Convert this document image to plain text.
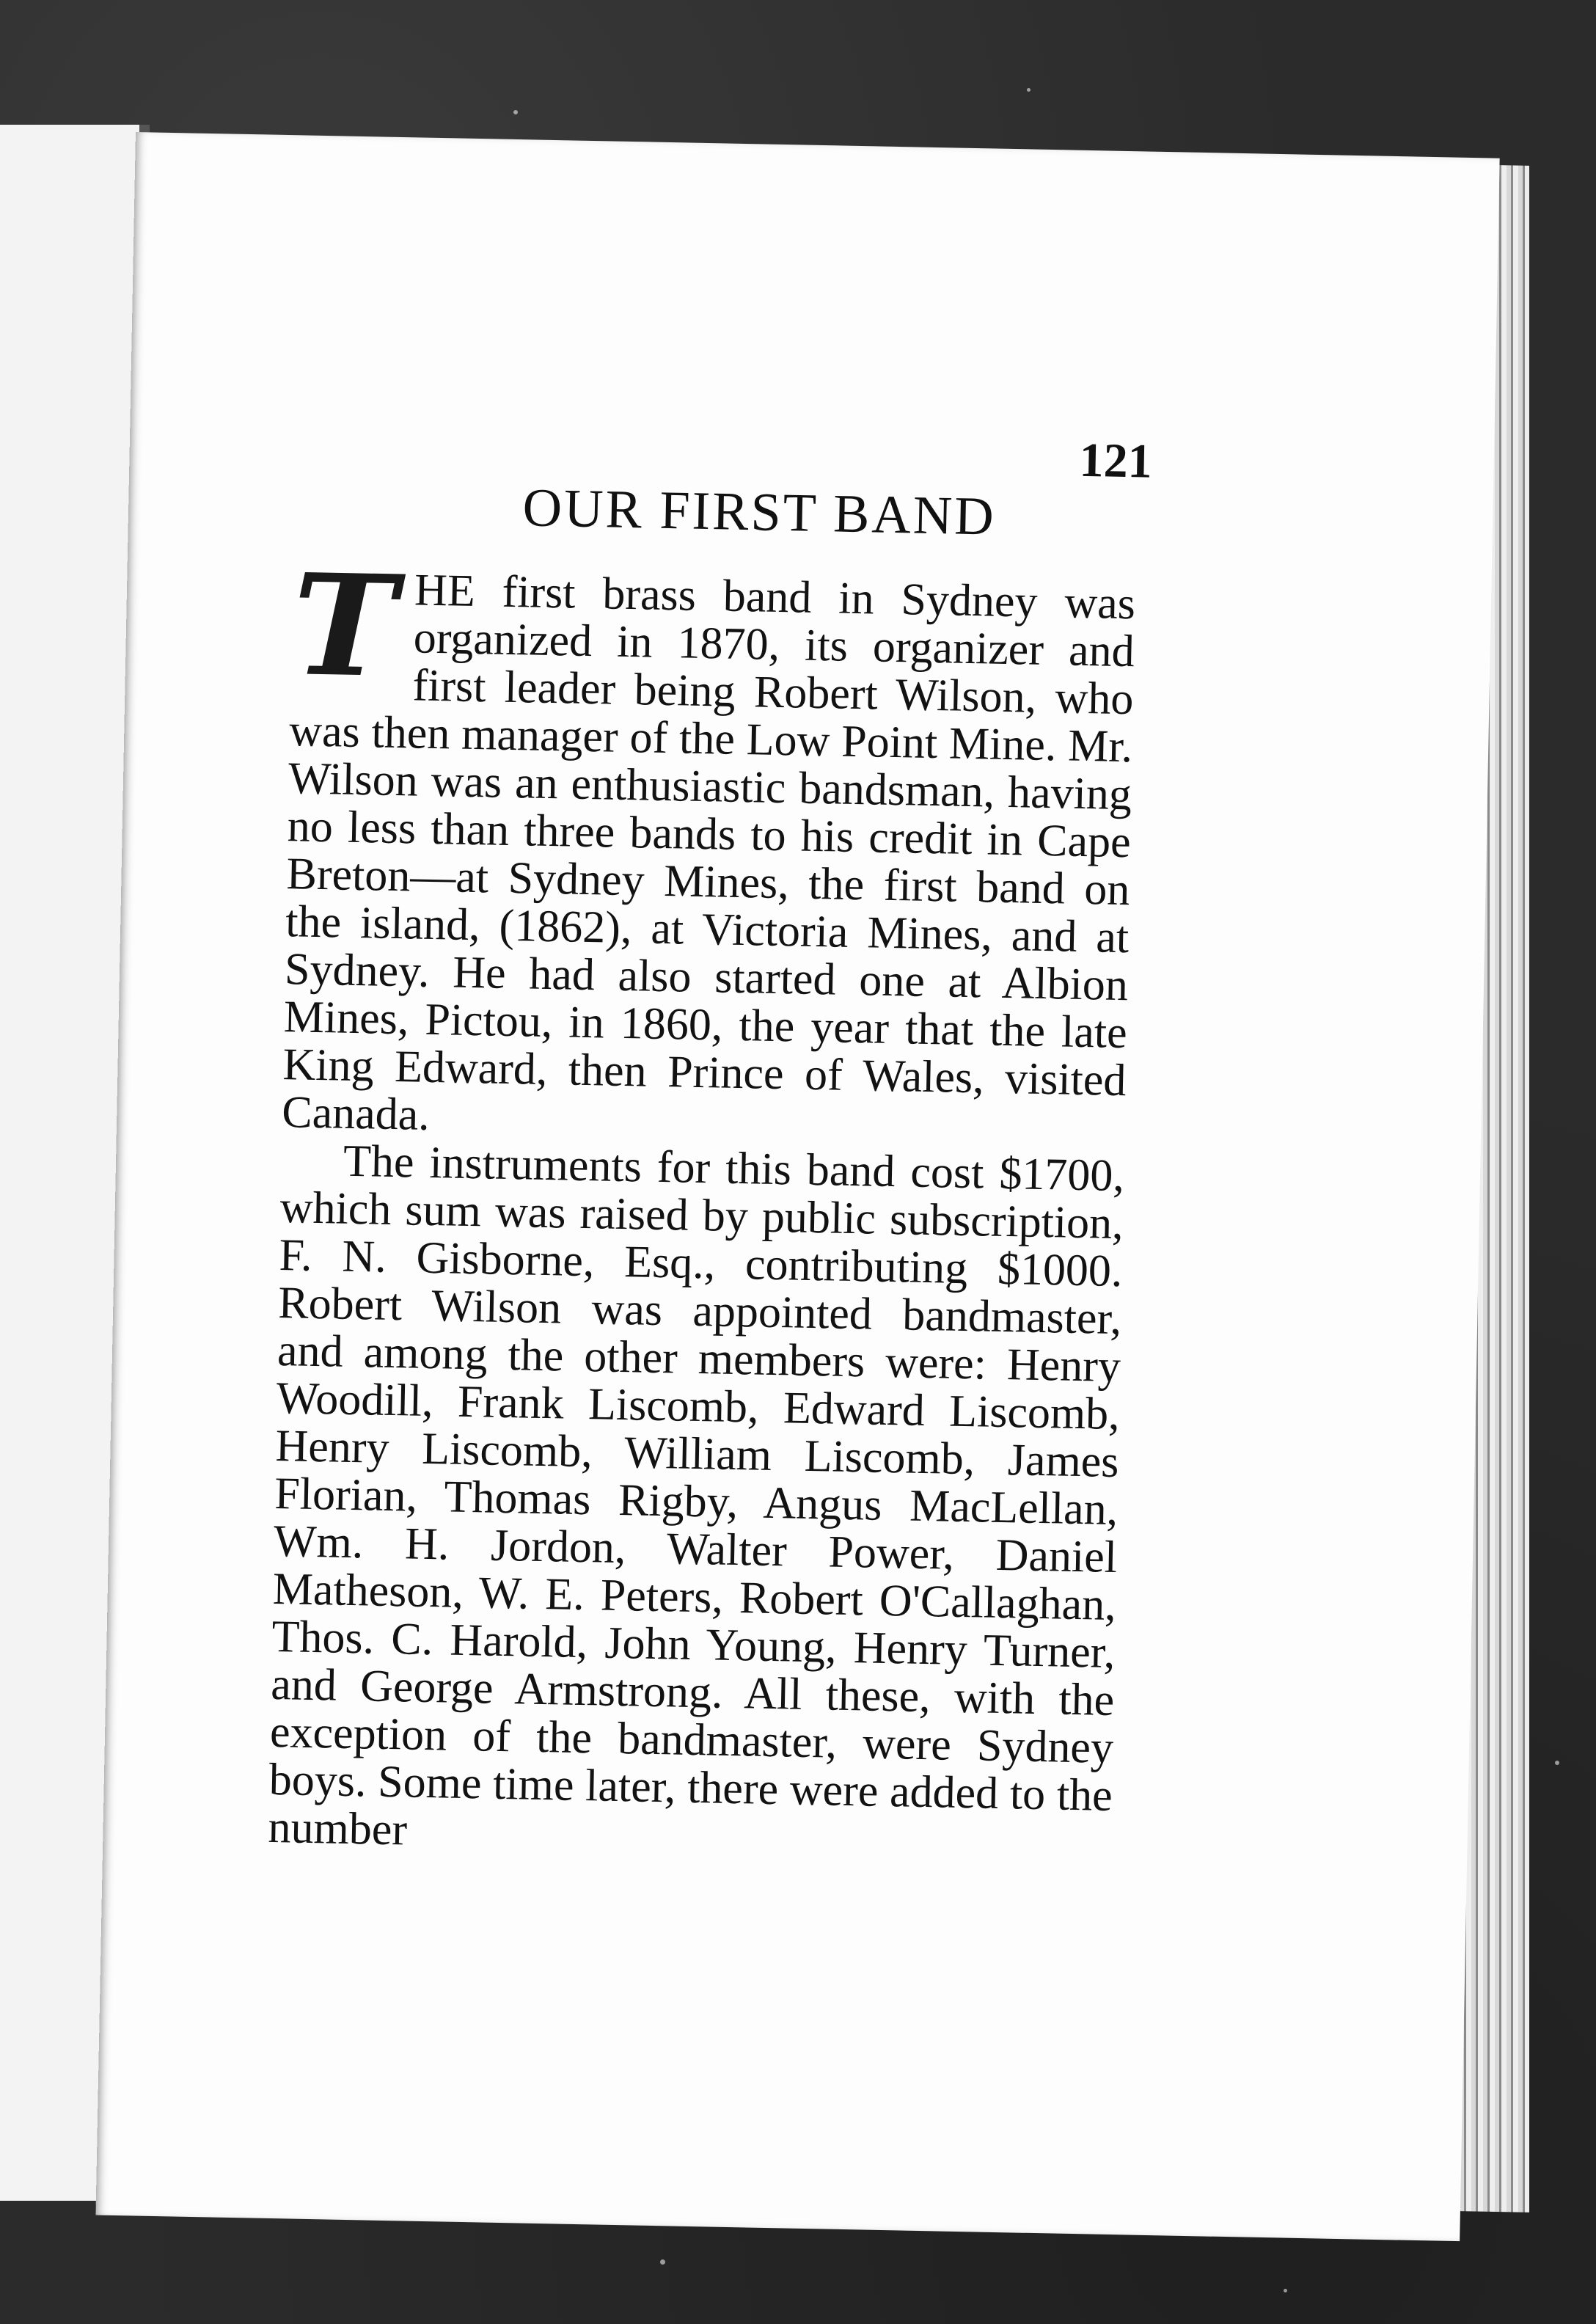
121

OUR FIRST BAND

THE first brass band in Sydney was organized in 1870, its organizer and first leader being Robert Wilson, who was then manager of the Low Point Mine. Mr. Wilson was an enthusiastic bandsman, having no less than three bands to his credit in Cape Breton—at Sydney Mines, the first band on the island, (1862), at Victoria Mines, and at Sydney. He had also started one at Albion Mines, Pictou, in 1860, the year that the late King Edward, then Prince of Wales, visited Canada.

The instruments for this band cost $1700, which sum was raised by public subscription, F. N. Gisborne, Esq., contributing $1000. Robert Wilson was appointed bandmaster, and among the other members were: Henry Woodill, Frank Liscomb, Edward Liscomb, Henry Liscomb, William Liscomb, James Florian, Thomas Rigby, Angus MacLellan, Wm. H. Jordon, Walter Power, Daniel Matheson, W. E. Peters, Robert O'Callaghan, Thos. C. Harold, John Young, Henry Turner, and George Armstrong. All these, with the exception of the bandmaster, were Sydney boys. Some time later, there were added to the number
